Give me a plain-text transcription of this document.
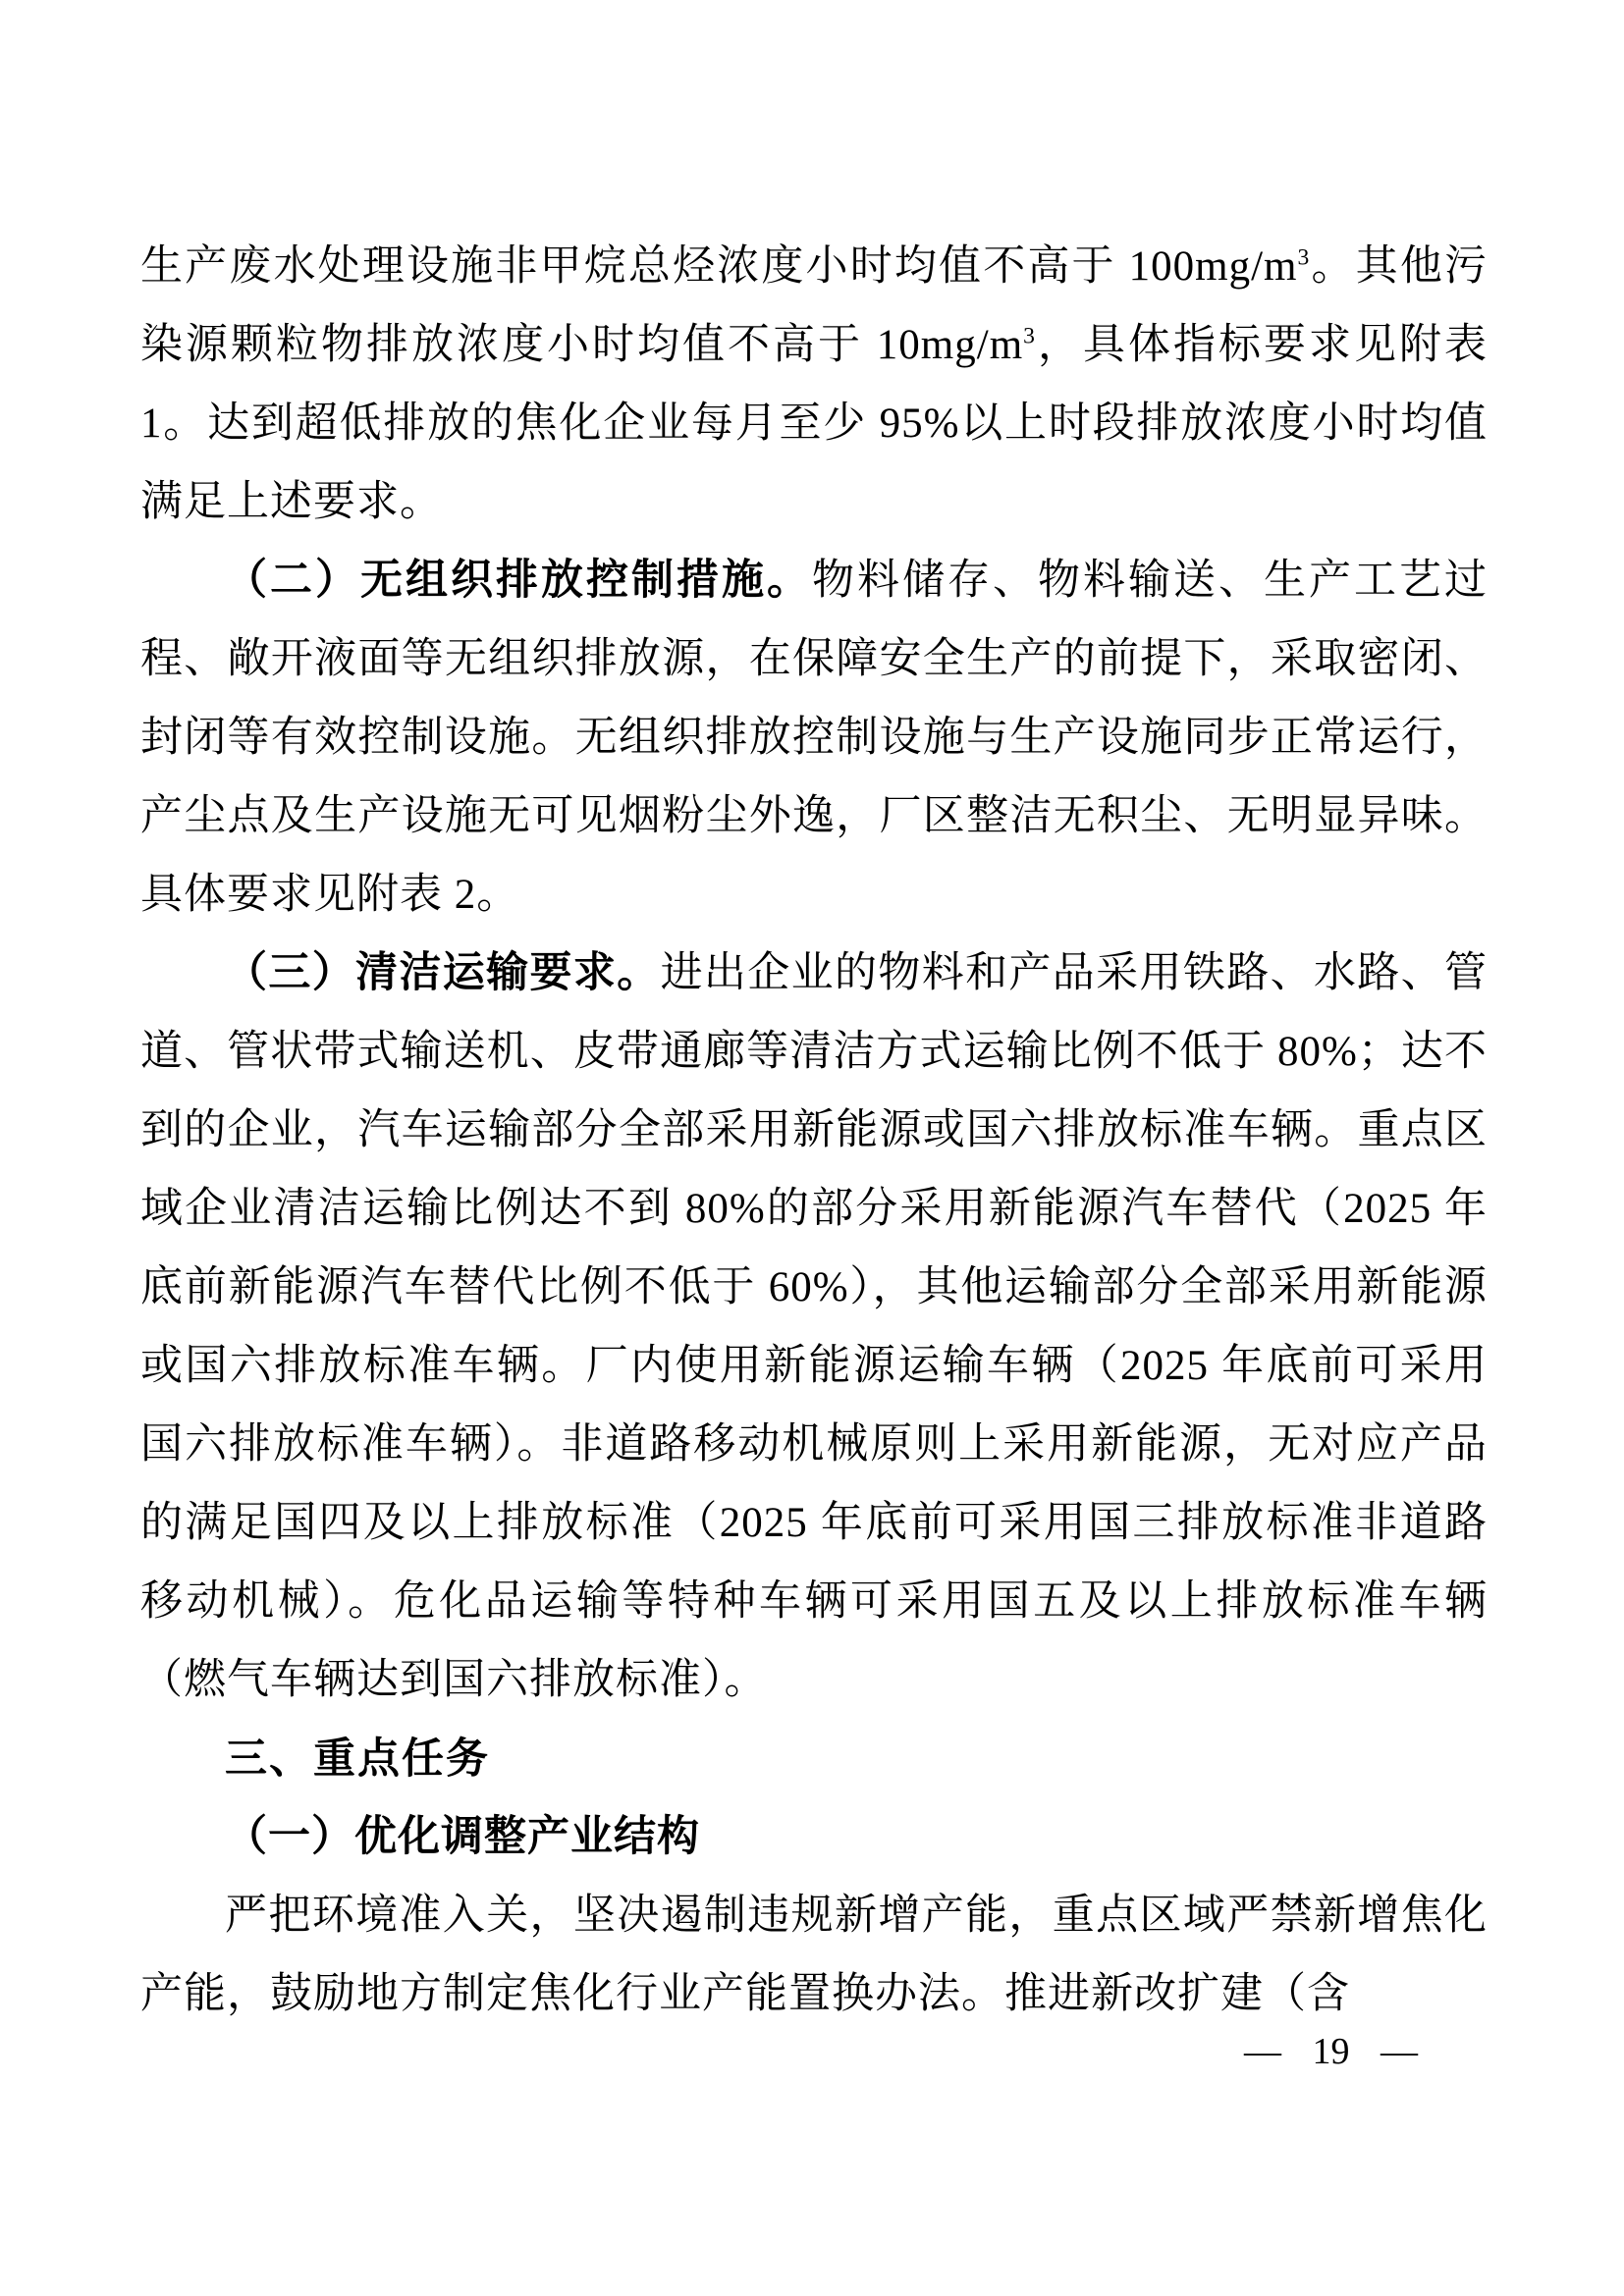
生产废水处理设施非甲烷总烃浓度小时均值不高于 $100mg/m^3$。其他污染源颗粒物排放浓度小时均值不高于 $10mg/m^3$，具体指标要求见附表 1。达到超低排放的焦化企业每月至少 95%以上时段排放浓度小时均值满足上述要求。

（二）无组织排放控制措施。物料储存、物料输送、生产工艺过程、敞开液面等无组织排放源，在保障安全生产的前提下，采取密闭、封闭等有效控制设施。无组织排放控制设施与生产设施同步正常运行，产尘点及生产设施无可见烟粉尘外逸，厂区整洁无积尘、无明显异味。具体要求见附表 2。

（三）清洁运输要求。进出企业的物料和产品采用铁路、水路、管道、管状带式输送机、皮带通廊等清洁方式运输比例不低于 80%；达不到的企业，汽车运输部分全部采用新能源或国六排放标准车辆。重点区域企业清洁运输比例达不到 80%的部分采用新能源汽车替代（2025 年底前新能源汽车替代比例不低于 60%），其他运输部分全部采用新能源或国六排放标准车辆。厂内使用新能源运输车辆（2025 年底前可采用国六排放标准车辆）。非道路移动机械原则上采用新能源，无对应产品的满足国四及以上排放标准（2025 年底前可采用国三排放标准非道路移动机械）。危化品运输等特种车辆可采用国五及以上排放标准车辆（燃气车辆达到国六排放标准）。

三、重点任务

（一）优化调整产业结构

严把环境准入关，坚决遏制违规新增产能，重点区域严禁新增焦化产能，鼓励地方制定焦化行业产能置换办法。推进新改扩建（含

— 19 —
